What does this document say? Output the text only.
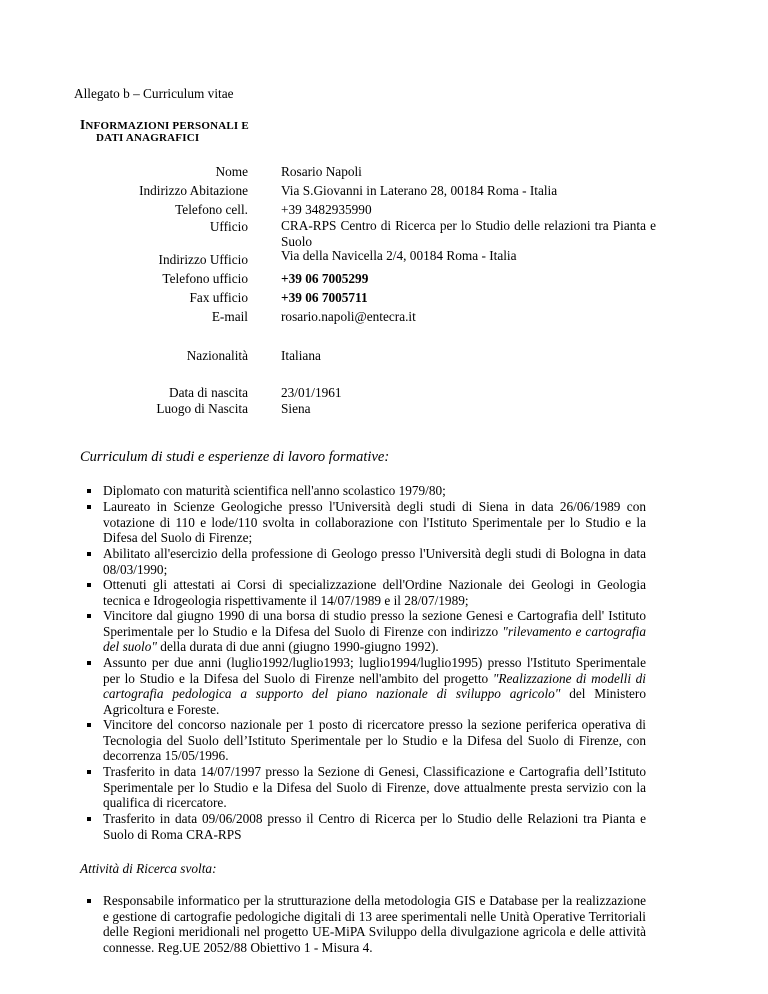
Allegato b – Curriculum vitae
INFORMAZIONI PERSONALI E
DATI ANAGRAFICI
Nome Rosario Napoli
Indirizzo Abitazione Via S.Giovanni in Laterano 28, 00184 Roma - Italia
Telefono cell. +39 3482935990
Ufficio CRA-RPS Centro di Ricerca per lo Studio delle relazioni tra Pianta e Suolo
Indirizzo Ufficio Via della Navicella 2/4, 00184 Roma - Italia
Telefono ufficio +39 06 7005299
Fax ufficio +39 06 7005711
E-mail rosario.napoli@entecra.it
Nazionalità Italiana
Data di nascita 23/01/1961
Luogo di Nascita Siena
Curriculum di studi e esperienze di lavoro formative:
Diplomato con maturità scientifica nell'anno scolastico 1979/80;
Laureato in Scienze Geologiche presso l'Università degli studi di Siena in data 26/06/1989 con votazione di 110 e lode/110 svolta in collaborazione con l'Istituto Sperimentale per lo Studio e la Difesa del Suolo di Firenze;
Abilitato all'esercizio della professione di Geologo presso l'Università degli studi di Bologna in data 08/03/1990;
Ottenuti gli attestati ai Corsi di specializzazione dell'Ordine Nazionale dei Geologi in Geologia tecnica e Idrogeologia rispettivamente il 14/07/1989 e il 28/07/1989;
Vincitore dal giugno 1990 di una borsa di studio presso la sezione Genesi e Cartografia dell' Istituto Sperimentale per lo Studio e la Difesa del Suolo di Firenze con indirizzo "rilevamento e cartografia del suolo" della durata di due anni (giugno 1990-giugno 1992).
Assunto per due anni (luglio1992/luglio1993; luglio1994/luglio1995) presso l'Istituto Sperimentale per lo Studio e la Difesa del Suolo di Firenze nell'ambito del progetto "Realizzazione di modelli di cartografia pedologica a supporto del piano nazionale di sviluppo agricolo" del Ministero Agricoltura e Foreste.
Vincitore del concorso nazionale per 1 posto di ricercatore presso la sezione periferica operativa di Tecnologia del Suolo dell’Istituto Sperimentale per lo Studio e la Difesa del Suolo di Firenze, con decorrenza 15/05/1996.
Trasferito in data 14/07/1997 presso la Sezione di Genesi, Classificazione e Cartografia dell’Istituto Sperimentale per lo Studio e la Difesa del Suolo di Firenze, dove attualmente presta servizio con la qualifica di ricercatore.
Trasferito in data 09/06/2008 presso il Centro di Ricerca per lo Studio delle Relazioni tra Pianta e Suolo di Roma CRA-RPS
Attività di Ricerca svolta:
Responsabile informatico per la strutturazione della metodologia GIS e Database per la realizzazione e gestione di cartografie pedologiche digitali di 13 aree sperimentali nelle Unità Operative Territoriali delle Regioni meridionali nel progetto UE-MiPA Sviluppo della divulgazione agricola e delle attività connesse. Reg.UE 2052/88 Obiettivo 1 - Misura 4.
